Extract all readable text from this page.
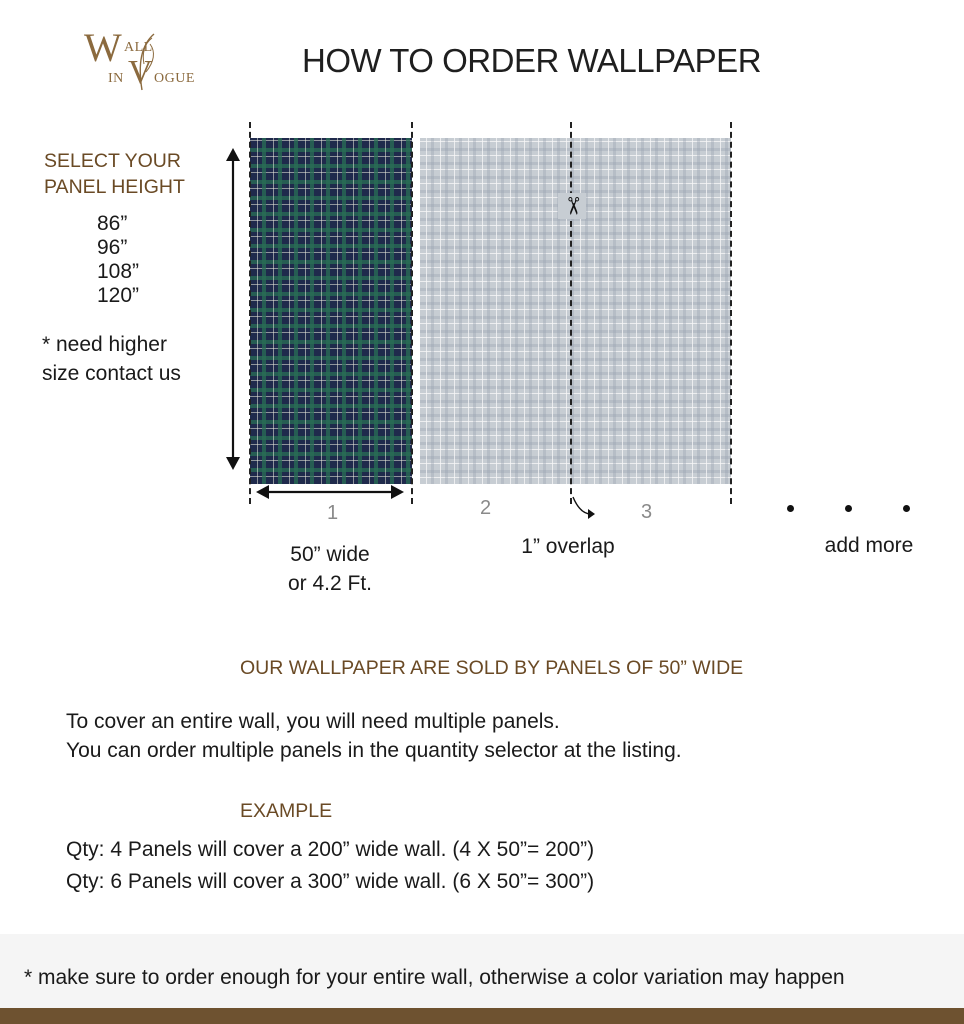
W ALL
IN V OGUE	HOW TO ORDER WALLPAPER
SELECT YOUR
PANEL HEIGHT
86”
96”
108”
120”
* need higher
size contact us
✂
1	2	3
50” wide
or 4.2 Ft.
1” overlap	add more
OUR WALLPAPER ARE SOLD BY PANELS OF 50” WIDE
To cover an entire wall, you will need multiple panels.
You can order multiple panels in the quantity selector at the listing.
EXAMPLE
Qty: 4 Panels will cover a 200” wide wall. (4 X 50”= 200”)
Qty: 6 Panels will cover a 300” wide wall. (6 X 50”= 300”)
* make sure to order enough for your entire wall, otherwise a color variation may happen
